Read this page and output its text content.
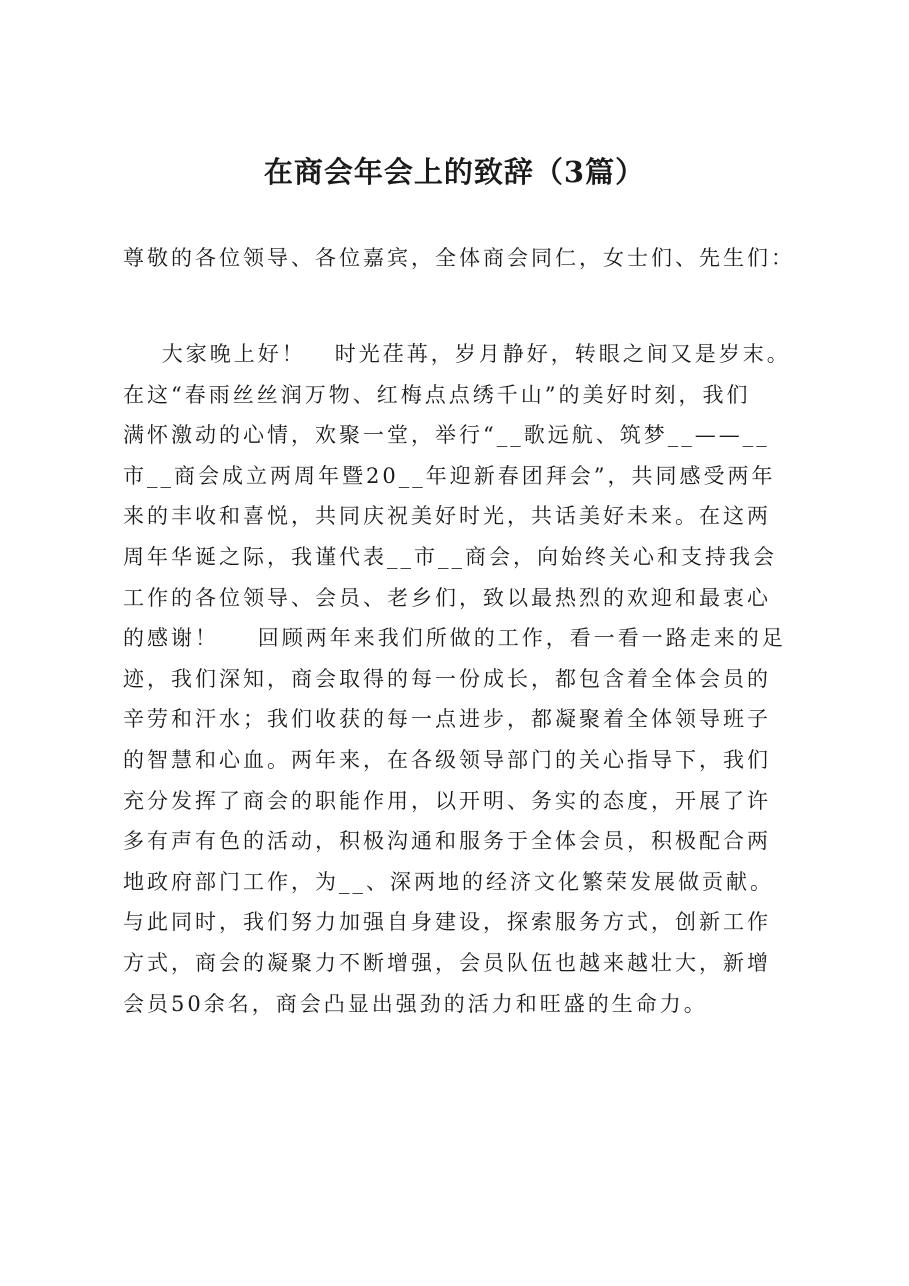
在商会年会上的致辞（3篇）

尊敬的各位领导、各位嘉宾，全体商会同仁，女士们、先生们：

大家晚上好！   时光荏苒，岁月静好，转眼之间又是岁末。
在这“春雨丝丝润万物、红梅点点绣千山”的美好时刻，我们
满怀激动的心情，欢聚一堂，举行“__歌远航、筑梦__——__
市__商会成立两周年暨20__年迎新春团拜会”，共同感受两年
来的丰收和喜悦，共同庆祝美好时光，共话美好未来。在这两
周年华诞之际，我谨代表__市__商会，向始终关心和支持我会
工作的各位领导、会员、老乡们，致以最热烈的欢迎和最衷心
的感谢！    回顾两年来我们所做的工作，看一看一路走来的足
迹，我们深知，商会取得的每一份成长，都包含着全体会员的
辛劳和汗水；我们收获的每一点进步，都凝聚着全体领导班子
的智慧和心血。两年来，在各级领导部门的关心指导下，我们
充分发挥了商会的职能作用，以开明、务实的态度，开展了许
多有声有色的活动，积极沟通和服务于全体会员，积极配合两
地政府部门工作，为__、深两地的经济文化繁荣发展做贡献。
与此同时，我们努力加强自身建设，探索服务方式，创新工作
方式，商会的凝聚力不断增强，会员队伍也越来越壮大，新增
会员50余名，商会凸显出强劲的活力和旺盛的生命力。
